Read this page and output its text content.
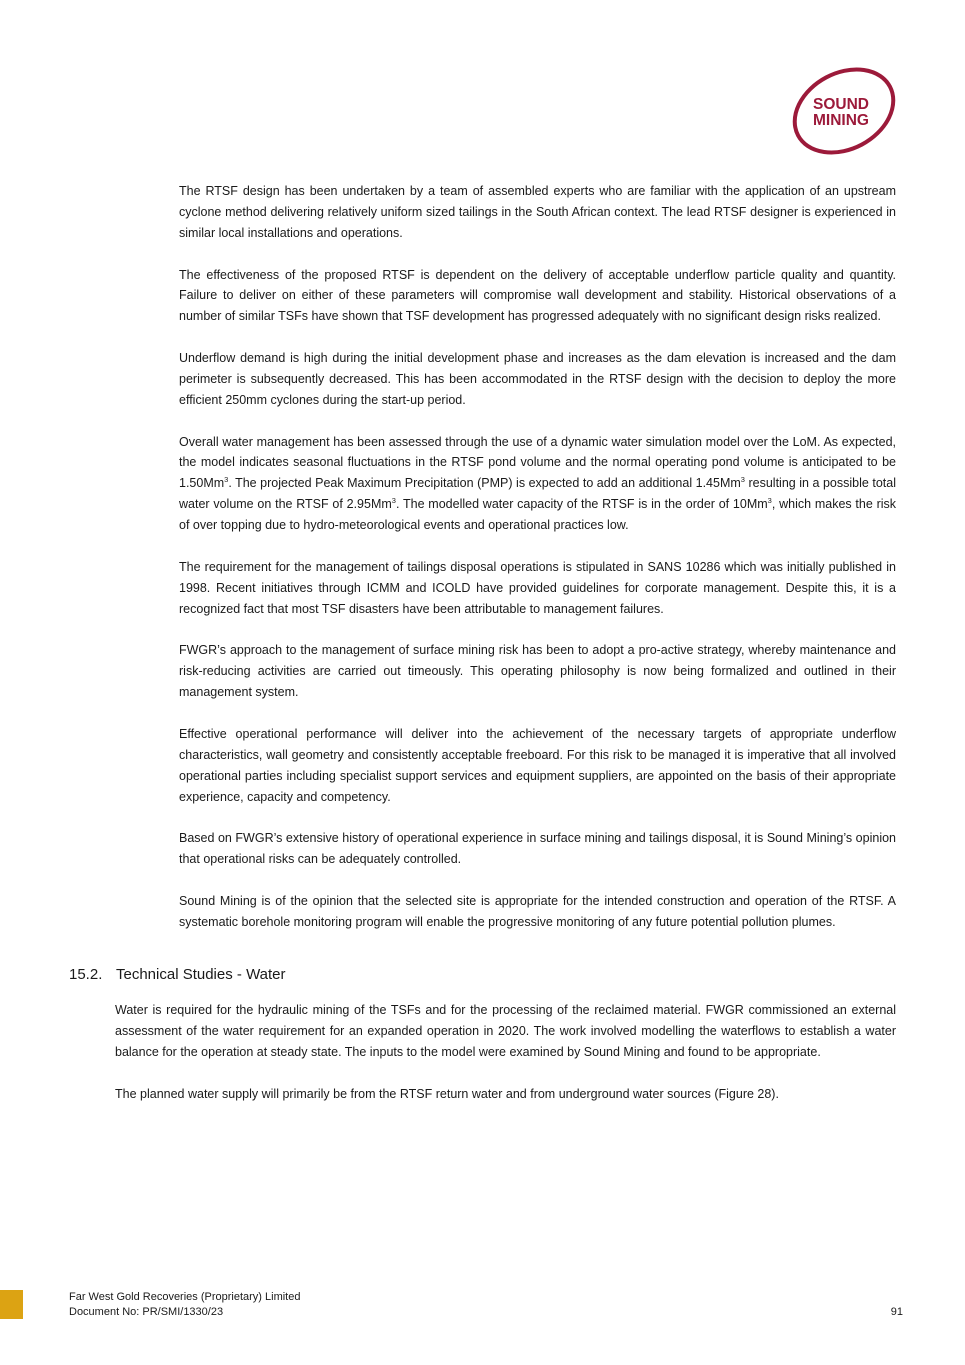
SOUND
MINING

The RTSF design has been undertaken by a team of assembled experts who are familiar with the application of an upstream cyclone method delivering relatively uniform sized tailings in the South African context. The lead RTSF designer is experienced in similar local installations and operations.

The effectiveness of the proposed RTSF is dependent on the delivery of acceptable underflow particle quality and quantity. Failure to deliver on either of these parameters will compromise wall development and stability. Historical observations of a number of similar TSFs have shown that TSF development has progressed adequately with no significant design risks realized.

Underflow demand is high during the initial development phase and increases as the dam elevation is increased and the dam perimeter is subsequently decreased. This has been accommodated in the RTSF design with the decision to deploy the more efficient 250mm cyclones during the start-up period.

Overall water management has been assessed through the use of a dynamic water simulation model over the LoM. As expected, the model indicates seasonal fluctuations in the RTSF pond volume and the normal operating pond volume is anticipated to be 1.50Mm$^3$. The projected Peak Maximum Precipitation (PMP) is expected to add an additional 1.45Mm$^3$ resulting in a possible total water volume on the RTSF of 2.95Mm$^3$. The modelled water capacity of the RTSF is in the order of 10Mm$^3$, which makes the risk of over topping due to hydro-meteorological events and operational practices low.

The requirement for the management of tailings disposal operations is stipulated in SANS 10286 which was initially published in 1998. Recent initiatives through ICMM and ICOLD have provided guidelines for corporate management. Despite this, it is a recognized fact that most TSF disasters have been attributable to management failures.

FWGR’s approach to the management of surface mining risk has been to adopt a pro-active strategy, whereby maintenance and risk-reducing activities are carried out timeously. This operating philosophy is now being formalized and outlined in their management system.

Effective operational performance will deliver into the achievement of the necessary targets of appropriate underflow characteristics, wall geometry and consistently acceptable freeboard. For this risk to be managed it is imperative that all involved operational parties including specialist support services and equipment suppliers, are appointed on the basis of their appropriate experience, capacity and competency.

Based on FWGR’s extensive history of operational experience in surface mining and tailings disposal, it is Sound Mining’s opinion that operational risks can be adequately controlled.

Sound Mining is of the opinion that the selected site is appropriate for the intended construction and operation of the RTSF. A systematic borehole monitoring program will enable the progressive monitoring of any future potential pollution plumes.

15.2. Technical Studies - Water

Water is required for the hydraulic mining of the TSFs and for the processing of the reclaimed material. FWGR commissioned an external assessment of the water requirement for an expanded operation in 2020. The work involved modelling the waterflows to establish a water balance for the operation at steady state. The inputs to the model were examined by Sound Mining and found to be appropriate.

The planned water supply will primarily be from the RTSF return water and from underground water sources (Figure 28).

Far West Gold Recoveries (Proprietary) Limited
Document No: PR/SMI/1330/23	91
